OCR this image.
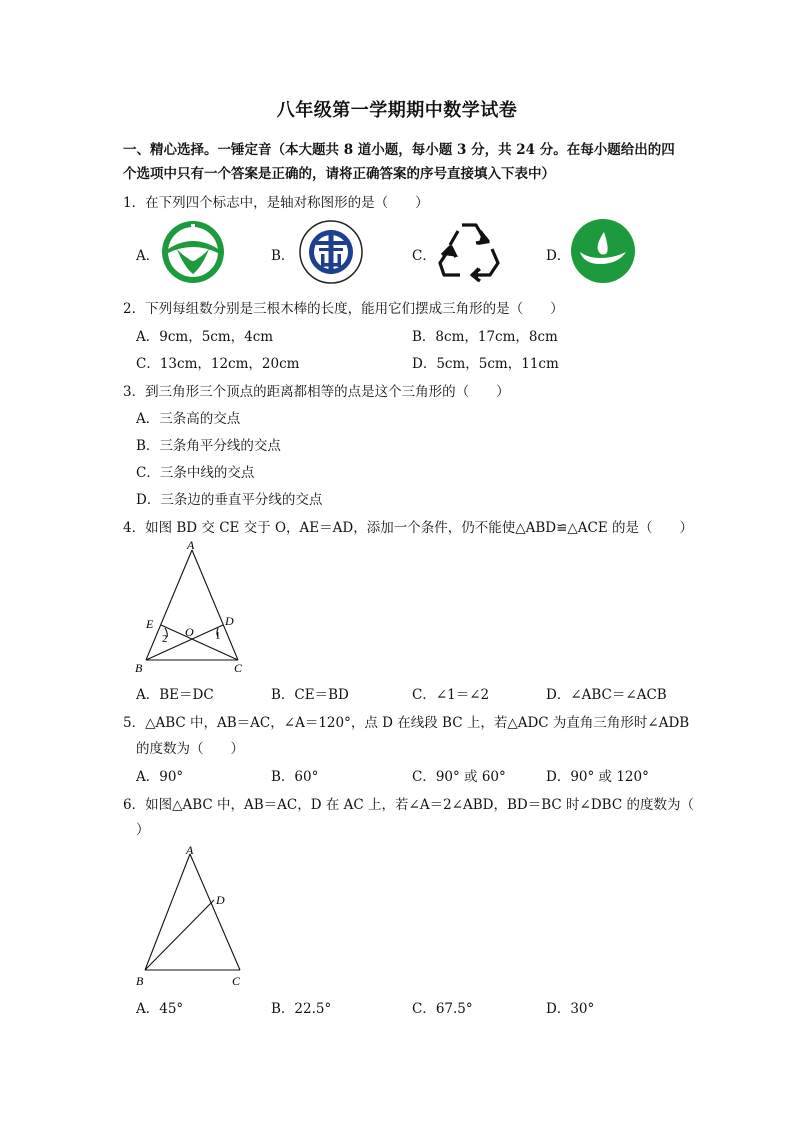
八年级第一学期期中数学试卷
一、精心选择。一锤定音（本大题共 8 道小题，每小题 3 分，共 24 分。在每小题给出的四
个选项中只有一个答案是正确的，请将正确答案的序号直接填入下表中）
1．在下列四个标志中，是轴对称图形的是（　　）
A．	B．	C．	D．
2．下列每组数分别是三根木棒的长度，能用它们摆成三角形的是（　　）
A．9cm，5cm，4cm	B．8cm，17cm，8cm
C．13cm，12cm，20cm	D．5cm，5cm，11cm
3．到三角形三个顶点的距离都相等的点是这个三角形的（　　）
A．三条高的交点
B．三条角平分线的交点
C．三条中线的交点
D．三条边的垂直平分线的交点
4．如图 BD 交 CE 交于 O，AE＝AD，添加一个条件，仍不能使△ABD≌△ACE 的是（　　）
A
B	C
D
E
O 1
2
A．BE＝DC	B．CE＝BD	C．∠1＝∠2	D．∠ABC＝∠ACB
5．△ABC 中，AB＝AC，∠A＝120°，点 D 在线段 BC 上，若△ADC 为直角三角形时∠ADB
的度数为（　　）
A．90°	B．60°	C．90° 或 60°	D．90° 或 120°
6．如图△ABC 中，AB＝AC，D 在 AC 上，若∠A＝2∠ABD，BD＝BC 时∠DBC 的度数为（
）
A
B	C
D
A．45°	B．22.5°	C．67.5°	D．30°
